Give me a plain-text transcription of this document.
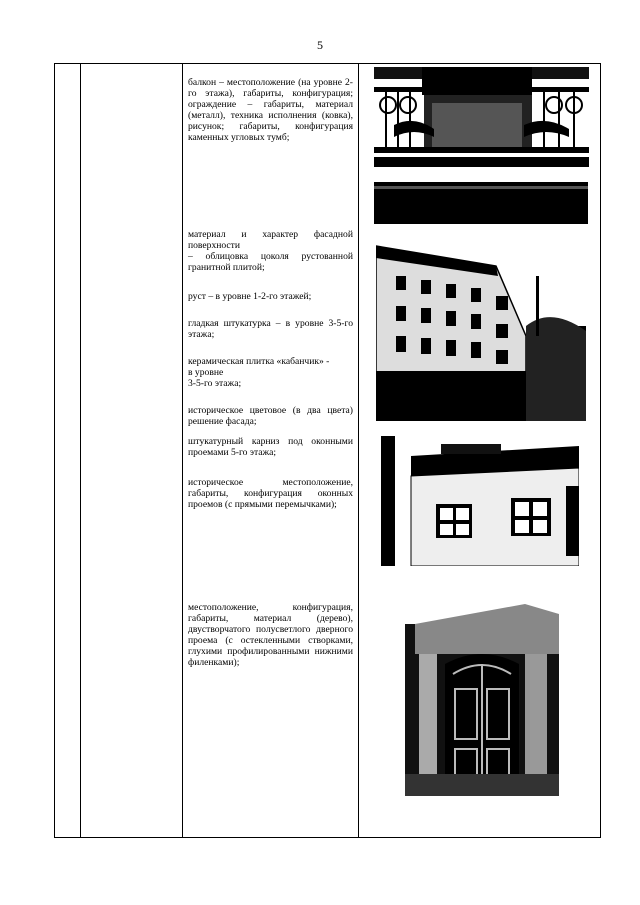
5

балкон – местоположение (на уровне 2-го этажа), габариты, конфигурация; ограждение – габариты, материал (металл), техника исполнения (ковка), рисунок; габариты, конфигурация каменных угловых тумб;

материал и характер фасадной поверхности

– облицовка цоколя рустованной гранитной плитой;

руст – в уровне 1-2-го этажей;

гладкая штукатурка – в уровне 3-5-го этажа;

керамическая плитка «кабанчик» -

в уровне

3-5-го этажа;

историческое цветовое (в два цвета) решение фасада;

штукатурный карниз под оконными проемами 5-го этажа;

историческое местоположение, габариты, конфигурация оконных проемов (с прямыми перемычками);

местоположение, конфигурация, габариты, материал (дерево), двустворчатого полусветлого дверного проема (с остекленными створками, глухими профилированными нижними филенками);
